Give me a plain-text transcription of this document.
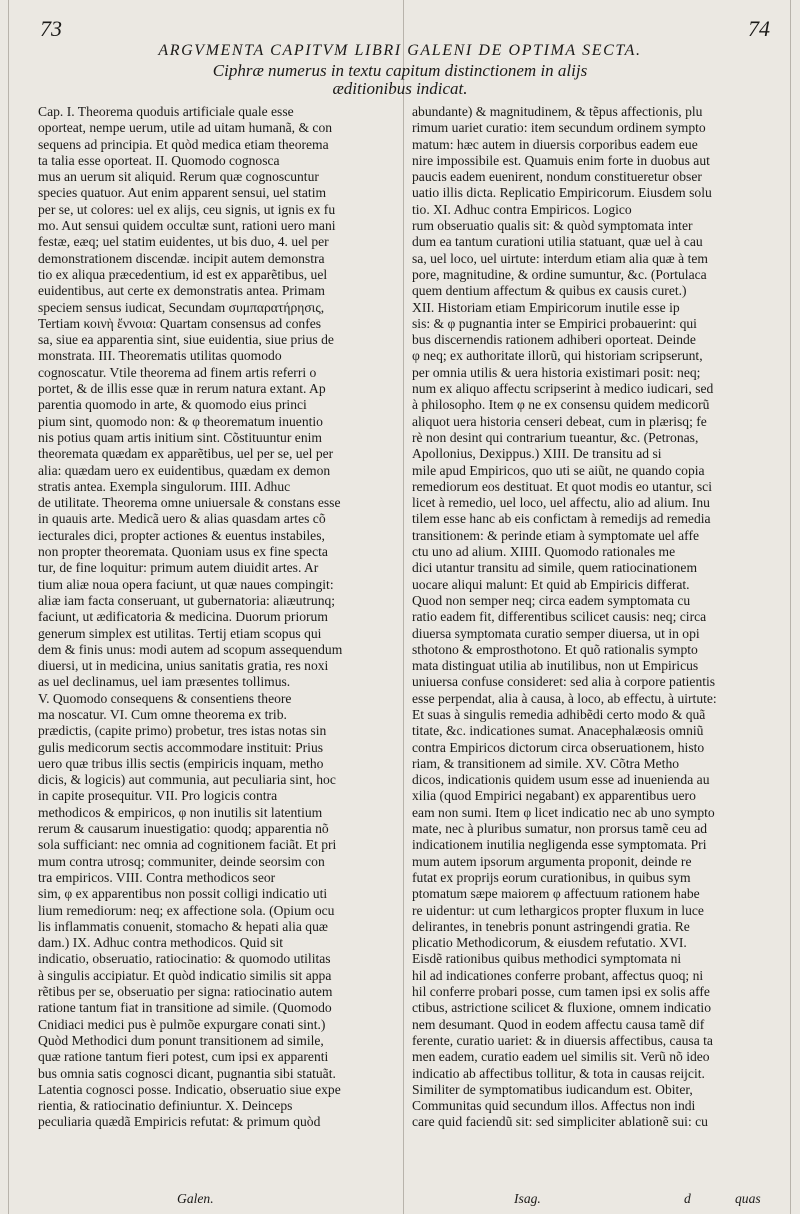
73	74
ARGVMENTA CAPITVM LIBRI GALENI DE OPTIMA SECTA.
Ciphræ numerus in textu capitum distinctionem in alijs
æditionibus indicat.
Cap. I. Theorema quoduis artificiale quale esse
oporteat, nempe uerum, utile ad uitam humanã, & con
sequens ad principia. Et quòd medica etiam theorema
ta talia esse oporteat. II. Quomodo cognosca
mus an uerum sit aliquid. Rerum quæ cognoscuntur
species quatuor. Aut enim apparent sensui, uel statim
per se, ut colores: uel ex alijs, ceu signis, ut ignis ex fu
mo. Aut sensui quidem occultæ sunt, rationi uero mani
festæ, eæq; uel statim euidentes, ut bis duo, 4. uel per
demonstrationem discendæ. incipit autem demonstra
tio ex aliqua præcedentium, id est ex apparẽtibus, uel
euidentibus, aut certe ex demonstratis antea. Primam
speciem sensus iudicat, Secundam συμπαρατήρησις,
Tertiam κοινὴ ἔννοια: Quartam consensus ad confes
sa, siue ea apparentia sint, siue euidentia, siue prius de
monstrata. III. Theorematis utilitas quomodo
cognoscatur. Vtile theorema ad finem artis referri o
portet, & de illis esse quæ in rerum natura extant. Ap
parentia quomodo in arte, & quomodo eius princi
pium sint, quomodo non: & φ theorematum inuentio
nis potius quam artis initium sint. Cõstituuntur enim
theoremata quædam ex apparẽtibus, uel per se, uel per
alia: quædam uero ex euidentibus, quædam ex demon
stratis antea. Exempla singulorum. IIII. Adhuc
de utilitate. Theorema omne uniuersale & constans esse
in quauis arte. Medicã uero & alias quasdam artes cõ
iecturales dici, propter actiones & euentus instabiles,
non propter theoremata. Quoniam usus ex fine specta
tur, de fine loquitur: primum autem diuidit artes. Ar
tium aliæ noua opera faciunt, ut quæ naues compingit:
aliæ iam facta conseruant, ut gubernatoria: aliæutrunq;
faciunt, ut ædificatoria & medicina. Duorum priorum
generum simplex est utilitas. Tertij etiam scopus qui
dem & finis unus: modi autem ad scopum assequendum
diuersi, ut in medicina, unius sanitatis gratia, res noxi
as uel declinamus, uel iam præsentes tollimus.
V. Quomodo consequens & consentiens theore
ma noscatur. VI. Cum omne theorema ex trib.
prædictis, (capite primo) probetur, tres istas notas sin
gulis medicorum sectis accommodare instituit: Prius
uero quæ tribus illis sectis (empiricis inquam, metho
dicis, & logicis) aut communia, aut peculiaria sint, hoc
in capite prosequitur. VII. Pro logicis contra
methodicos & empiricos, φ non inutilis sit latentium
rerum & causarum inuestigatio: quodq; apparentia nõ
sola sufficiant: nec omnia ad cognitionem faciãt. Et pri
mum contra utrosq; communiter, deinde seorsim con
tra empiricos. VIII. Contra methodicos seor
sim, φ ex apparentibus non possit colligi indicatio uti
lium remediorum: neq; ex affectione sola. (Opium ocu
lis inflammatis conuenit, stomacho & hepati alia quæ
dam.) IX. Adhuc contra methodicos. Quid sit
indicatio, obseruatio, ratiocinatio: & quomodo utilitas
à singulis accipiatur. Et quòd indicatio similis sit appa
rẽtibus per se, obseruatio per signa: ratiocinatio autem
ratione tantum fiat in transitione ad simile. (Quomodo
Cnidiaci medici pus è pulmõe expurgare conati sint.)
Quòd Methodici dum ponunt transitionem ad simile,
quæ ratione tantum fieri potest, cum ipsi ex apparenti
bus omnia satis cognosci dicant, pugnantia sibi statuãt.
Latentia cognosci posse. Indicatio, obseruatio siue expe
rientia, & ratiocinatio definiuntur. X. Deinceps
peculiaria quædã Empiricis refutat: & primum quòd
abundante) & magnitudinem, & tẽpus affectionis, plu
rimum uariet curatio: item secundum ordinem sympto
matum: hæc autem in diuersis corporibus eadem eue
nire impossibile est. Quamuis enim forte in duobus aut
paucis eadem euenirent, nondum constitueretur obser
uatio illis dicta. Replicatio Empiricorum. Eiusdem solu
tio. XI. Adhuc contra Empiricos. Logico
rum obseruatio qualis sit: & quòd symptomata inter
dum ea tantum curationi utilia statuant, quæ uel à cau
sa, uel loco, uel uirtute: interdum etiam alia quæ à tem
pore, magnitudine, & ordine sumuntur, &c. (Portulaca
quem dentium affectum & quibus ex causis curet.)
XII. Historiam etiam Empiricorum inutile esse ip
sis: & φ pugnantia inter se Empirici probauerint: qui
bus discernendis rationem adhiberi oporteat. Deinde
φ neq; ex authoritate illorũ, qui historiam scripserunt,
per omnia utilis & uera historia existimari posit: neq;
num ex aliquo affectu scripserint à medico iudicari, sed
à philosopho. Item φ ne ex consensu quidem medicorũ
aliquot uera historia censeri debeat, cum in plærisq; fe
rè non desint qui contrarium tueantur, &c. (Petronas,
Apollonius, Dexippus.) XIII. De transitu ad si
mile apud Empiricos, quo uti se aiũt, ne quando copia
remediorum eos destituat. Et quot modis eo utantur, sci
licet à remedio, uel loco, uel affectu, alio ad alium. Inu
tilem esse hanc ab eis confictam à remedijs ad remedia
transitionem: & perinde etiam à symptomate uel affe
ctu uno ad alium. XIIII. Quomodo rationales me
dici utantur transitu ad simile, quem ratiocinationem
uocare aliqui malunt: Et quid ab Empiricis differat.
Quod non semper neq; circa eadem symptomata cu
ratio eadem fit, differentibus scilicet causis: neq; circa
diuersa symptomata curatio semper diuersa, ut in opi
sthotono & emprosthotono. Et quõ rationalis sympto
mata distinguat utilia ab inutilibus, non ut Empiricus
uniuersa confuse consideret: sed alia à corpore patientis
esse perpendat, alia à causa, à loco, ab effectu, à uirtute:
Et suas à singulis remedia adhibẽdi certo modo & quã
titate, &c. indicationes sumat. Anacephalæosis omniũ
contra Empiricos dictorum circa obseruationem, histo
riam, & transitionem ad simile. XV. Cõtra Metho
dicos, indicationis quidem usum esse ad inuenienda au
xilia (quod Empirici negabant) ex apparentibus uero
eam non sumi. Item φ licet indicatio nec ab uno sympto
mate, nec à pluribus sumatur, non prorsus tamẽ ceu ad
indicationem inutilia negligenda esse symptomata. Pri
mum autem ipsorum argumenta proponit, deinde re
futat ex proprijs eorum curationibus, in quibus sym
ptomatum sæpe maiorem φ affectuum rationem habe
re uidentur: ut cum lethargicos propter fluxum in luce
delirantes, in tenebris ponunt astringendi gratia. Re
plicatio Methodicorum, & eiusdem refutatio. XVI.
Eisdẽ rationibus quibus methodici symptomata ni
hil ad indicationes conferre probant, affectus quoq; ni
hil conferre probari posse, cum tamen ipsi ex solis affe
ctibus, astrictione scilicet & fluxione, omnem indicatio
nem desumant. Quod in eodem affectu causa tamẽ dif
ferente, curatio uariet: & in diuersis affectibus, causa ta
men eadem, curatio eadem uel similis sit. Verũ nõ ideo
indicatio ab affectibus tollitur, & tota in causas reijcit.
Similiter de symptomatibus iudicandum est. Obiter,
Communitas quid secundum illos. Affectus non indi
care quid faciendũ sit: sed simpliciter ablationẽ sui: cu
Galen.	Isag.	d	quas
